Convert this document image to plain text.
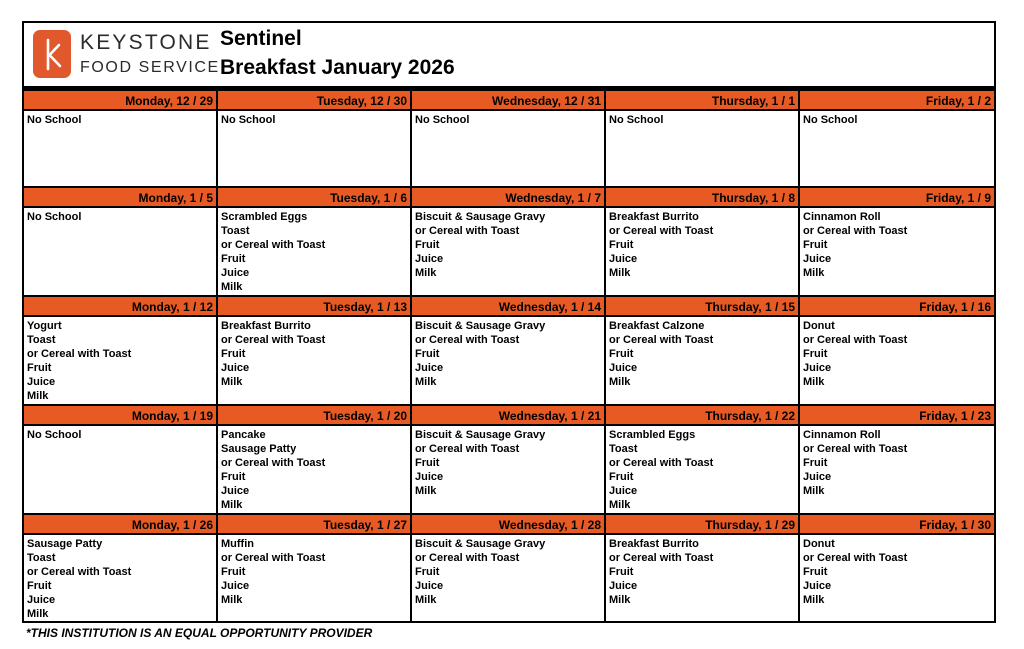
KEYSTONE
FOOD SERVICE
Sentinel
Breakfast January 2026
Monday, 12 / 29
No School
Tuesday, 12 / 30
No School
Wednesday, 12 / 31
No School
Thursday, 1 / 1
No School
Friday, 1 / 2
No School
Monday, 1 / 5
No School
Tuesday, 1 / 6
Scrambled Eggs
Toast
or Cereal with Toast
Fruit
Juice
Milk
Wednesday, 1 / 7
Biscuit & Sausage Gravy
or Cereal with Toast
Fruit
Juice
Milk
Thursday, 1 / 8
Breakfast Burrito
or Cereal with Toast
Fruit
Juice
Milk
Friday, 1 / 9
Cinnamon Roll
or Cereal with Toast
Fruit
Juice
Milk
Monday, 1 / 12
Yogurt
Toast
or Cereal with Toast
Fruit
Juice
Milk
Tuesday, 1 / 13
Breakfast Burrito
or Cereal with Toast
Fruit
Juice
Milk
Wednesday, 1 / 14
Biscuit & Sausage Gravy
or Cereal with Toast
Fruit
Juice
Milk
Thursday, 1 / 15
Breakfast Calzone
or Cereal with Toast
Fruit
Juice
Milk
Friday, 1 / 16
Donut
or Cereal with Toast
Fruit
Juice
Milk
Monday, 1 / 19
No School
Tuesday, 1 / 20
Pancake
Sausage Patty
or Cereal with Toast
Fruit
Juice
Milk
Wednesday, 1 / 21
Biscuit & Sausage Gravy
or Cereal with Toast
Fruit
Juice
Milk
Thursday, 1 / 22
Scrambled Eggs
Toast
or Cereal with Toast
Fruit
Juice
Milk
Friday, 1 / 23
Cinnamon Roll
or Cereal with Toast
Fruit
Juice
Milk
Monday, 1 / 26
Sausage Patty
Toast
or Cereal with Toast
Fruit
Juice
Milk
Tuesday, 1 / 27
Muffin
or Cereal with Toast
Fruit
Juice
Milk
Wednesday, 1 / 28
Biscuit & Sausage Gravy
or Cereal with Toast
Fruit
Juice
Milk
Thursday, 1 / 29
Breakfast Burrito
or Cereal with Toast
Fruit
Juice
Milk
Friday, 1 / 30
Donut
or Cereal with Toast
Fruit
Juice
Milk
*THIS INSTITUTION IS AN EQUAL OPPORTUNITY PROVIDER
